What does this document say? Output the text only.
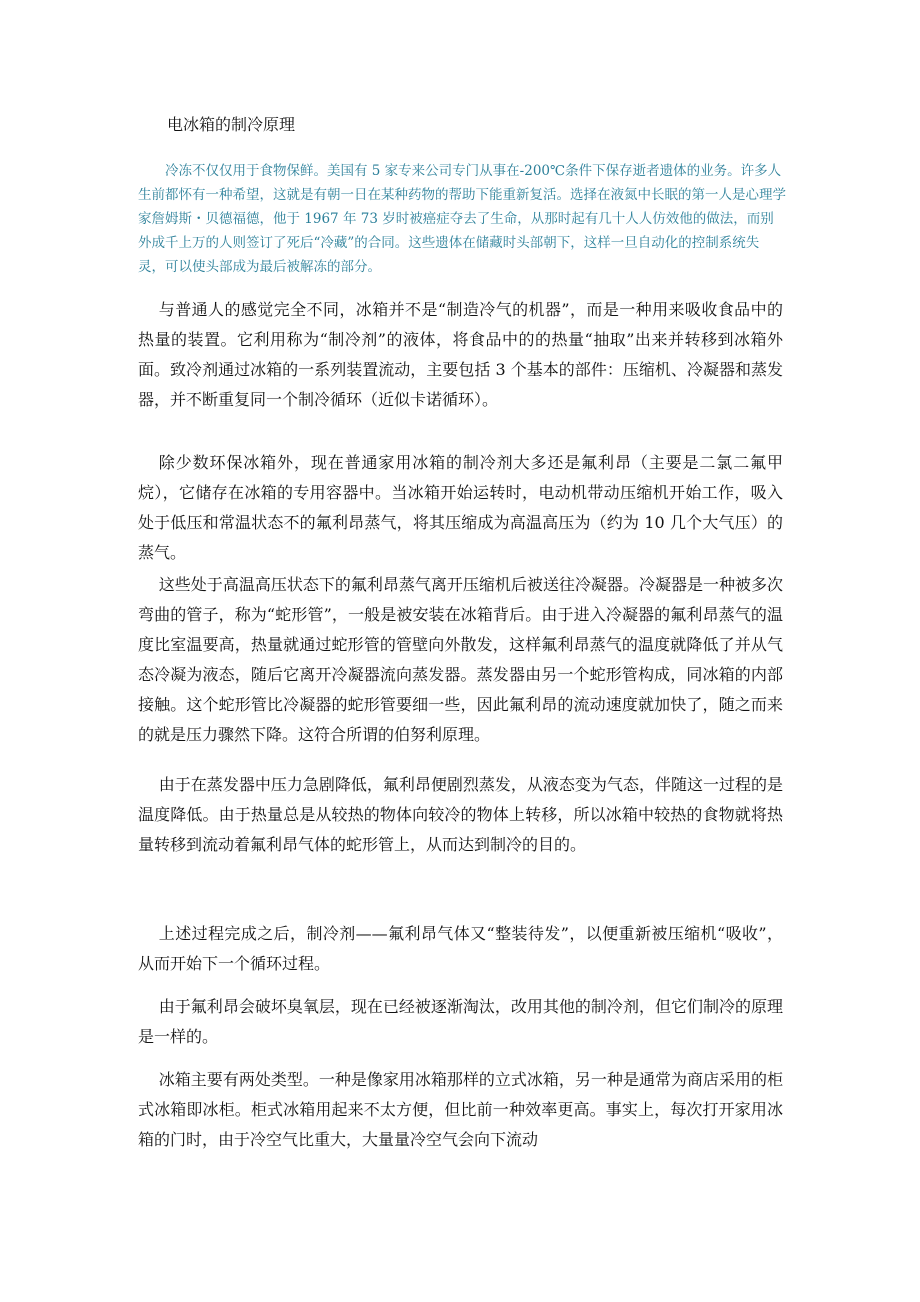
电冰箱的制冷原理

冷冻不仅仅用于食物保鲜。美国有 5 家专来公司专门从事在-200℃条件下保存逝者遗体的业务。许多人生前都怀有一种希望，这就是有朝一日在某种药物的帮助下能重新复活。选择在液氮中长眠的第一人是心理学家詹姆斯・贝德福德，他于 1967 年 73 岁时被癌症夺去了生命，从那时起有几十人人仿效他的做法，而别外成千上万的人则签订了死后“冷藏”的合同。这些遗体在储藏时头部朝下，这样一旦自动化的控制系统失灵，可以使头部成为最后被解冻的部分。

与普通人的感觉完全不同，冰箱并不是“制造冷气的机器”，而是一种用来吸收食品中的热量的装置。它利用称为“制冷剂”的液体，将食品中的的热量“抽取”出来并转移到冰箱外面。致冷剂通过冰箱的一系列装置流动，主要包括 3 个基本的部件：压缩机、冷凝器和蒸发器，并不断重复同一个制冷循环（近似卡诺循环）。

除少数环保冰箱外，现在普通家用冰箱的制冷剂大多还是氟利昂（主要是二氯二氟甲烷），它储存在冰箱的专用容器中。当冰箱开始运转时，电动机带动压缩机开始工作，吸入处于低压和常温状态不的氟利昂蒸气，将其压缩成为高温高压为（约为 10 几个大气压）的蒸气。

这些处于高温高压状态下的氟利昂蒸气离开压缩机后被送往冷凝器。冷凝器是一种被多次弯曲的管子，称为“蛇形管”，一般是被安装在冰箱背后。由于进入冷凝器的氟利昂蒸气的温度比室温要高，热量就通过蛇形管的管壁向外散发，这样氟利昂蒸气的温度就降低了并从气态冷凝为液态，随后它离开冷凝器流向蒸发器。蒸发器由另一个蛇形管构成，同冰箱的内部接触。这个蛇形管比冷凝器的蛇形管要细一些，因此氟利昂的流动速度就加快了，随之而来的就是压力骤然下降。这符合所谓的伯努利原理。

由于在蒸发器中压力急剧降低，氟利昂便剧烈蒸发，从液态变为气态，伴随这一过程的是温度降低。由于热量总是从较热的物体向较冷的物体上转移，所以冰箱中较热的食物就将热量转移到流动着氟利昂气体的蛇形管上，从而达到制冷的目的。

上述过程完成之后，制冷剂——氟利昂气体又“整装待发”，以便重新被压缩机“吸收”，从而开始下一个循环过程。

由于氟利昂会破坏臭氧层，现在已经被逐渐淘汰，改用其他的制冷剂，但它们制冷的原理是一样的。

冰箱主要有两处类型。一种是像家用冰箱那样的立式冰箱，另一种是通常为商店采用的柜式冰箱即冰柜。柜式冰箱用起来不太方便，但比前一种效率更高。事实上，每次打开家用冰箱的门时，由于冷空气比重大，大量量冷空气会向下流动
